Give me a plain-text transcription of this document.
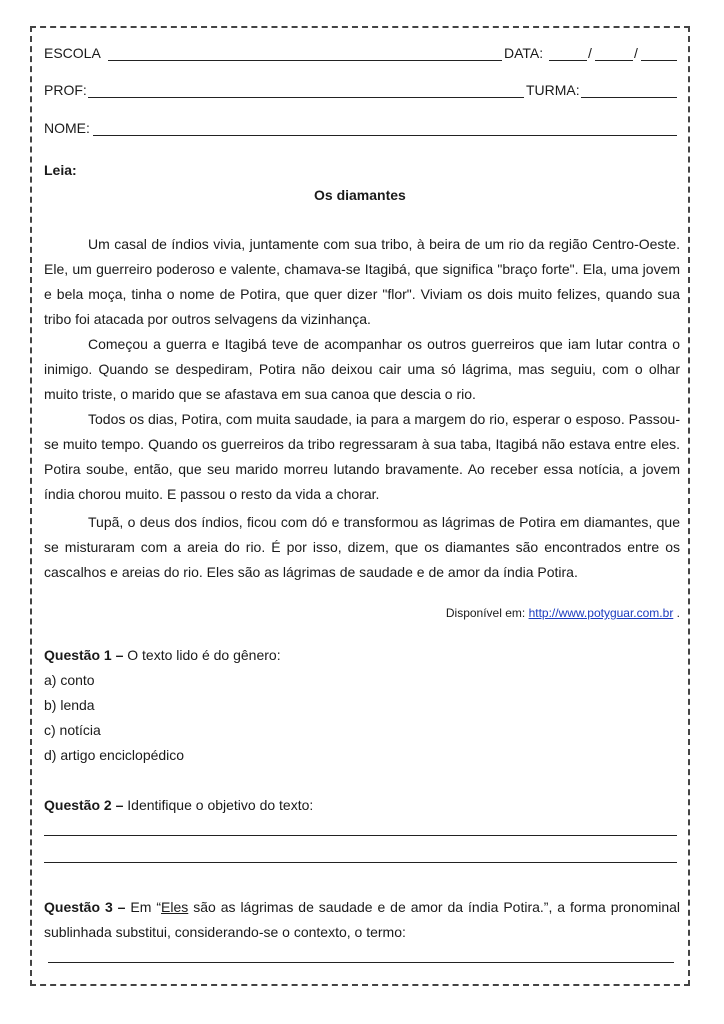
ESCOLA	DATA:	/	/
PROF:	TURMA:
NOME:
Leia:
Os diamantes
Um casal de índios vivia, juntamente com sua tribo, à beira de um rio da região Centro-Oeste. Ele, um guerreiro poderoso e valente, chamava-se Itagibá, que significa "braço forte". Ela, uma jovem e bela moça, tinha o nome de Potira, que quer dizer "flor". Viviam os dois muito felizes, quando sua tribo foi atacada por outros selvagens da vizinhança.
Começou a guerra e Itagibá teve de acompanhar os outros guerreiros que iam lutar contra o inimigo. Quando se despediram, Potira não deixou cair uma só lágrima, mas seguiu, com o olhar muito triste, o marido que se afastava em sua canoa que descia o rio.
Todos os dias, Potira, com muita saudade, ia para a margem do rio, esperar o esposo. Passou-se muito tempo. Quando os guerreiros da tribo regressaram à sua taba, Itagibá não estava entre eles. Potira soube, então, que seu marido morreu lutando bravamente. Ao receber essa notícia, a jovem índia chorou muito. E passou o resto da vida a chorar.
Tupã, o deus dos índios, ficou com dó e transformou as lágrimas de Potira em diamantes, que se misturaram com a areia do rio. É por isso, dizem, que os diamantes são encontrados entre os cascalhos e areias do rio. Eles são as lágrimas de saudade e de amor da índia Potira.
Disponível em: http://www.potyguar.com.br .
Questão 1 – O texto lido é do gênero:
a) conto
b) lenda
c) notícia
d) artigo enciclopédico
Questão 2 – Identifique o objetivo do texto:
Questão 3 – Em “Eles são as lágrimas de saudade e de amor da índia Potira.”, a forma pronominal sublinhada substitui, considerando-se o contexto, o termo:
